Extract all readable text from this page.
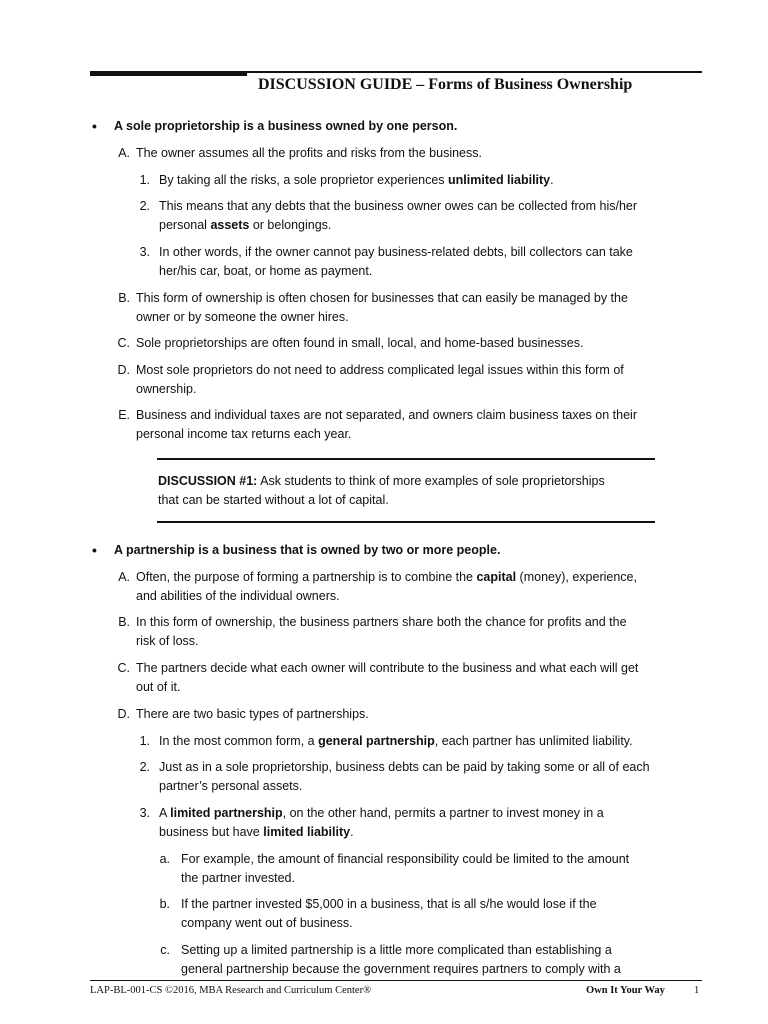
DISCUSSION GUIDE – Forms of Business Ownership
• A sole proprietorship is a business owned by one person.
A. The owner assumes all the profits and risks from the business.
1. By taking all the risks, a sole proprietor experiences unlimited liability.
2. This means that any debts that the business owner owes can be collected from his/her
personal assets or belongings.
3. In other words, if the owner cannot pay business-related debts, bill collectors can take
her/his car, boat, or home as payment.
B. This form of ownership is often chosen for businesses that can easily be managed by the
owner or by someone the owner hires.
C. Sole proprietorships are often found in small, local, and home-based businesses.
D. Most sole proprietors do not need to address complicated legal issues within this form of
ownership.
E. Business and individual taxes are not separated, and owners claim business taxes on their
personal income tax returns each year.
DISCUSSION #1: Ask students to think of more examples of sole proprietorships
that can be started without a lot of capital.
• A partnership is a business that is owned by two or more people.
A. Often, the purpose of forming a partnership is to combine the capital (money), experience,
and abilities of the individual owners.
B. In this form of ownership, the business partners share both the chance for profits and the
risk of loss.
C. The partners decide what each owner will contribute to the business and what each will get
out of it.
D. There are two basic types of partnerships.
1. In the most common form, a general partnership, each partner has unlimited liability.
2. Just as in a sole proprietorship, business debts can be paid by taking some or all of each
partner’s personal assets.
3. A limited partnership, on the other hand, permits a partner to invest money in a
business but have limited liability.
a. For example, the amount of financial responsibility could be limited to the amount
the partner invested.
b. If the partner invested $5,000 in a business, that is all s/he would lose if the
company went out of business.
c. Setting up a limited partnership is a little more complicated than establishing a
general partnership because the government requires partners to comply with a
LAP-BL-001-CS ©2016, MBA Research and Curriculum Center®	Own It Your Way	1
